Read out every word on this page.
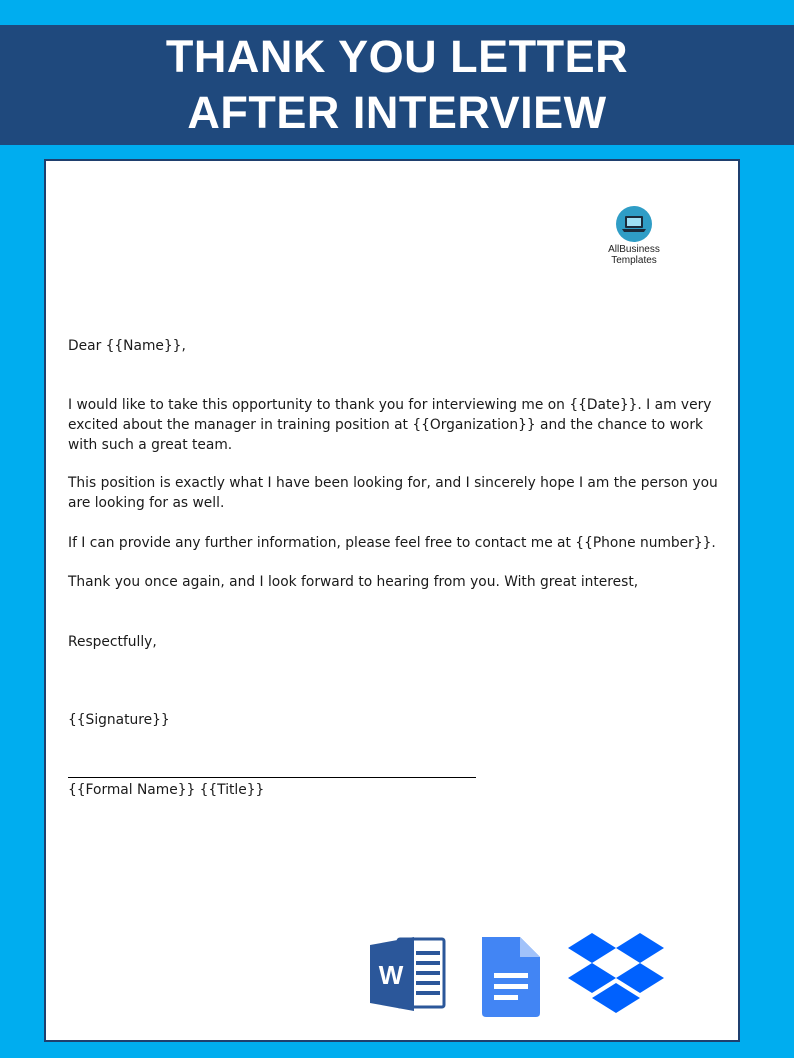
THANK YOU LETTER
AFTER INTERVIEW
AllBusiness
Templates

Dear {{Name}},

I would like to take this opportunity to thank you for interviewing me on {{Date}}. I am very excited about the manager in training position at {{Organization}} and the chance to work with such a great team.

This position is exactly what I have been looking for, and I sincerely hope I am the person you are looking for as well.

If I can provide any further information, please feel free to contact me at {{Phone number}}.

Thank you once again, and I look forward to hearing from you. With great interest,

Respectfully,

{{Signature}}

{{Formal Name}} {{Title}}

W
